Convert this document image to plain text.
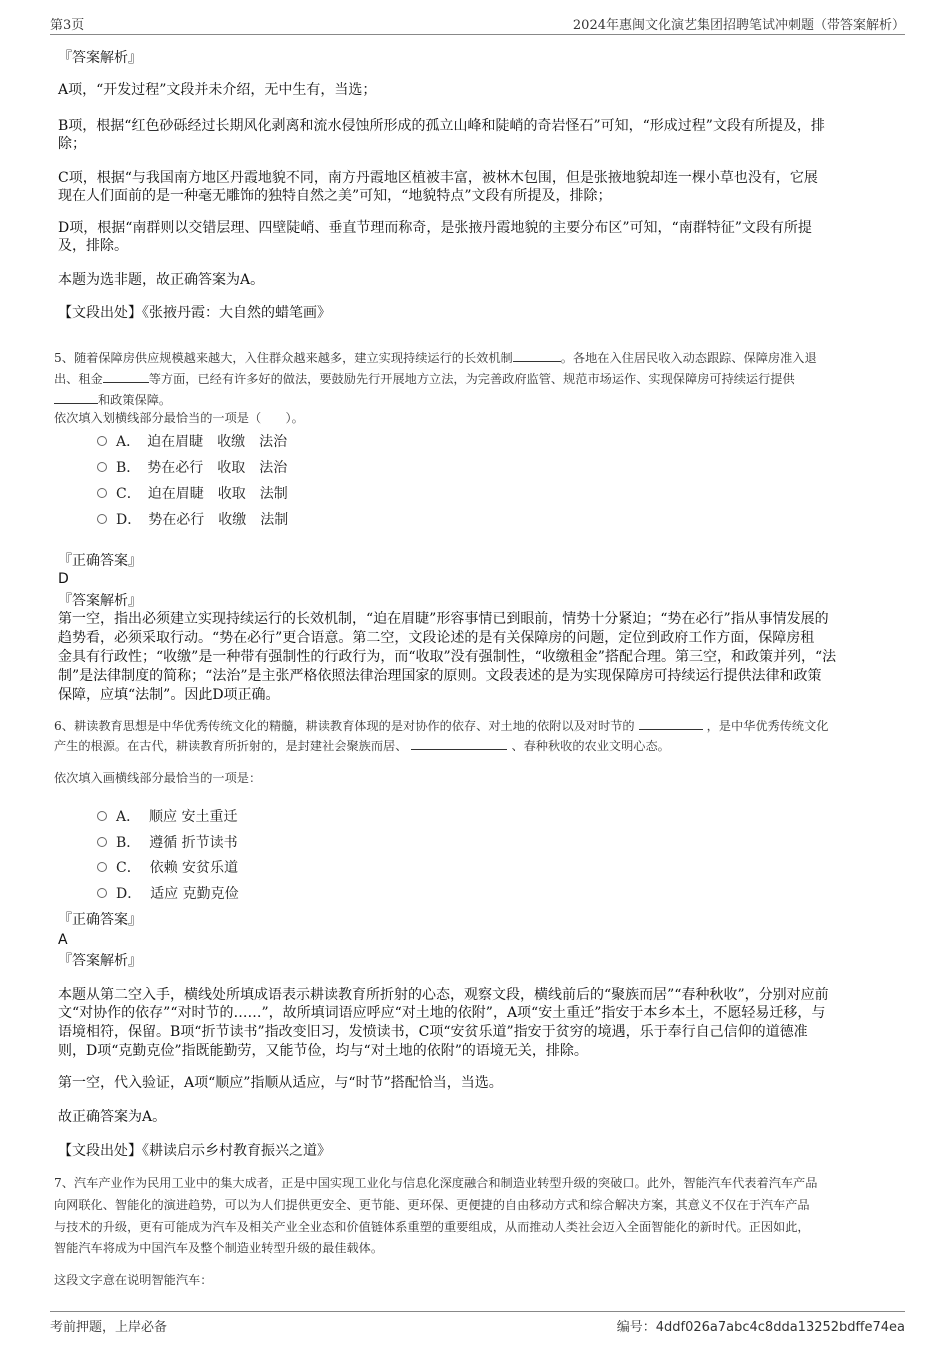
第3页	2024年惠闽文化演艺集团招聘笔试冲刺题（带答案解析）
『答案解析』
A项，“开发过程”文段并未介绍，无中生有，当选；
B项，根据“红色砂砾经过长期风化剥离和流水侵蚀所形成的孤立山峰和陡峭的奇岩怪石”可知，“形成过程”文段有所提及，排
除；
C项，根据“与我国南方地区丹霞地貌不同，南方丹霞地区植被丰富，被林木包围，但是张掖地貌却连一棵小草也没有，它展
现在人们面前的是一种毫无雕饰的独特自然之美”可知，“地貌特点”文段有所提及，排除；
D项，根据“南群则以交错层理、四壁陡峭、垂直节理而称奇，是张掖丹霞地貌的主要分布区”可知，“南群特征”文段有所提
及，排除。
本题为选非题，故正确答案为A。
【文段出处】《张掖丹霞：大自然的蜡笔画》
5、随着保障房供应规模越来越大，入住群众越来越多，建立实现持续运行的长效机制	。各地在入住居民收入动态跟踪、保障房准入退
出、租金	等方面，已经有许多好的做法，要鼓励先行开展地方立法，为完善政府监管、规范市场运作、实现保障房可持续运行提供
和政策保障。
依次填入划横线部分最恰当的一项是（　　）。
A．　迫在眉睫　收缴　法治
B．　势在必行　收取　法治
C．　迫在眉睫　收取　法制
D．　势在必行　收缴　法制
『正确答案』
D
『答案解析』
第一空，指出必须建立实现持续运行的长效机制，“迫在眉睫”形容事情已到眼前，情势十分紧迫；“势在必行”指从事情发展的
趋势看，必须采取行动。“势在必行”更合语意。第二空，文段论述的是有关保障房的问题，定位到政府工作方面，保障房租
金具有行政性；“收缴”是一种带有强制性的行政行为，而“收取”没有强制性，“收缴租金”搭配合理。第三空，和政策并列，“法
制”是法律制度的简称；“法治”是主张严格依照法律治理国家的原则。文段表述的是为实现保障房可持续运行提供法律和政策
保障，应填“法制”。因此D项正确。
6、耕读教育思想是中华优秀传统文化的精髓，耕读教育体现的是对协作的依存、对土地的依附以及对时节的	，是中华优秀传统文化
产生的根源。在古代，耕读教育所折射的，是封建社会聚族而居、	、春种秋收的农业文明心态。
依次填入画横线部分最恰当的一项是：
A．  顺应 安土重迁
B．  遵循 折节读书
C．  依赖 安贫乐道
D．  适应 克勤克俭
『正确答案』
A
『答案解析』
本题从第二空入手，横线处所填成语表示耕读教育所折射的心态，观察文段，横线前后的“聚族而居”“春种秋收”，分别对应前
文“对协作的依存”“对时节的……”，故所填词语应呼应“对土地的依附”，A项“安土重迁”指安于本乡本土，不愿轻易迁移，与
语境相符，保留。B项“折节读书”指改变旧习，发愤读书，C项“安贫乐道”指安于贫穷的境遇，乐于奉行自己信仰的道德准
则，D项“克勤克俭”指既能勤劳，又能节俭，均与“对土地的依附”的语境无关，排除。
第一空，代入验证，A项“顺应”指顺从适应，与“时节”搭配恰当，当选。
故正确答案为A。
【文段出处】《耕读启示乡村教育振兴之道》
7、汽车产业作为民用工业中的集大成者，正是中国实现工业化与信息化深度融合和制造业转型升级的突破口。此外，智能汽车代表着汽车产品
向网联化、智能化的演进趋势，可以为人们提供更安全、更节能、更环保、更便捷的自由移动方式和综合解决方案，其意义不仅在于汽车产品
与技术的升级，更有可能成为汽车及相关产业全业态和价值链体系重塑的重要组成，从而推动人类社会迈入全面智能化的新时代。正因如此，
智能汽车将成为中国汽车及整个制造业转型升级的最佳载体。
这段文字意在说明智能汽车：
考前押题，上岸必备	编号：4ddf026a7abc4c8dda13252bdffe74ea
